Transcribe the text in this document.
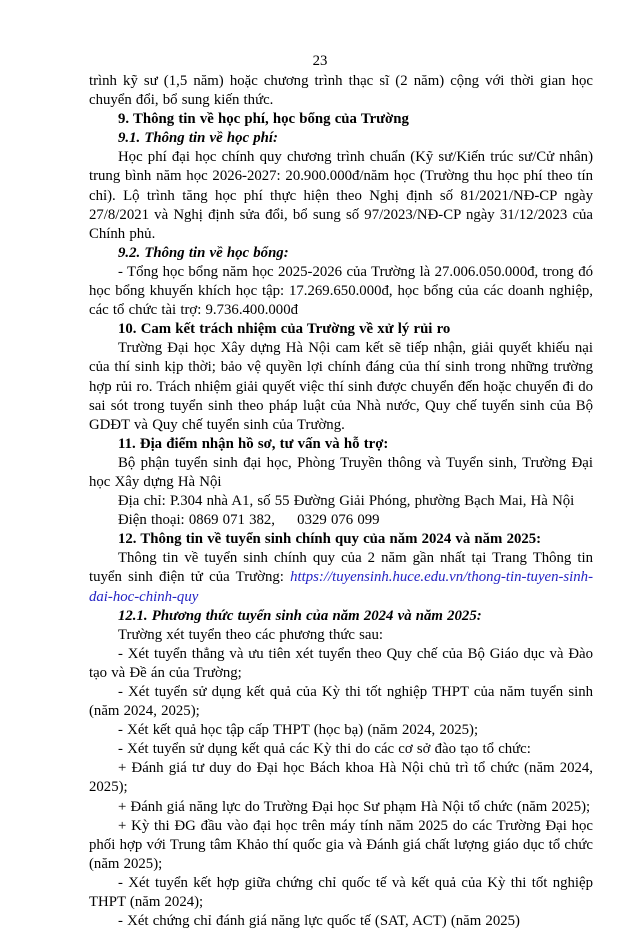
23
trình kỹ sư (1,5 năm) hoặc chương trình thạc sĩ (2 năm) cộng với thời gian học chuyển đổi, bổ sung kiến thức.
9. Thông tin về học phí, học bổng của Trường
9.1. Thông tin về học phí:
Học phí đại học chính quy chương trình chuẩn (Kỹ sư/Kiến trúc sư/Cử nhân) trung bình năm học 2026-2027: 20.900.000đ/năm học (Trường thu học phí theo tín chỉ). Lộ trình tăng học phí thực hiện theo Nghị định số 81/2021/NĐ-CP ngày 27/8/2021 và Nghị định sửa đổi, bổ sung số 97/2023/NĐ-CP ngày 31/12/2023 của Chính phủ.
9.2. Thông tin về học bổng:
- Tổng học bổng năm học 2025-2026 của Trường là 27.006.050.000đ, trong đó học bổng khuyến khích học tập: 17.269.650.000đ, học bổng của các doanh nghiệp, các tổ chức tài trợ: 9.736.400.000đ
10. Cam kết trách nhiệm của Trường về xử lý rủi ro
Trường Đại học Xây dựng Hà Nội cam kết sẽ tiếp nhận, giải quyết khiếu nại của thí sinh kịp thời; bảo vệ quyền lợi chính đáng của thí sinh trong những trường hợp rủi ro. Trách nhiệm giải quyết việc thí sinh được chuyển đến hoặc chuyển đi do sai sót trong tuyển sinh theo pháp luật của Nhà nước, Quy chế tuyển sinh của Bộ GDĐT và Quy chế tuyển sinh của Trường.
11. Địa điểm nhận hồ sơ, tư vấn và hỗ trợ:
Bộ phận tuyển sinh đại học, Phòng Truyền thông và Tuyển sinh, Trường Đại học Xây dựng Hà Nội
Địa chỉ: P.304 nhà A1, số 55 Đường Giải Phóng, phường Bạch Mai, Hà Nội
Điện thoại: 0869 071 382, 0329 076 099
12. Thông tin về tuyển sinh chính quy của năm 2024 và năm 2025:
Thông tin về tuyển sinh chính quy của 2 năm gần nhất tại Trang Thông tin tuyển sinh điện tử của Trường: https://tuyensinh.huce.edu.vn/thong-tin-tuyen-sinh-dai-hoc-chinh-quy
12.1. Phương thức tuyển sinh của năm 2024 và năm 2025:
Trường xét tuyển theo các phương thức sau:
- Xét tuyển thẳng và ưu tiên xét tuyển theo Quy chế của Bộ Giáo dục và Đào tạo và Đề án của Trường;
- Xét tuyển sử dụng kết quả của Kỳ thi tốt nghiệp THPT của năm tuyển sinh (năm 2024, 2025);
- Xét kết quả học tập cấp THPT (học bạ) (năm 2024, 2025);
- Xét tuyển sử dụng kết quả các Kỳ thi do các cơ sở đào tạo tổ chức:
+ Đánh giá tư duy do Đại học Bách khoa Hà Nội chủ trì tổ chức (năm 2024, 2025);
+ Đánh giá năng lực do Trường Đại học Sư phạm Hà Nội tổ chức (năm 2025);
+ Kỳ thi ĐG đầu vào đại học trên máy tính năm 2025 do các Trường Đại học phối hợp với Trung tâm Khảo thí quốc gia và Đánh giá chất lượng giáo dục tổ chức (năm 2025);
- Xét tuyển kết hợp giữa chứng chỉ quốc tế và kết quả của Kỳ thi tốt nghiệp THPT (năm 2024);
- Xét chứng chỉ đánh giá năng lực quốc tế (SAT, ACT) (năm 2025)
